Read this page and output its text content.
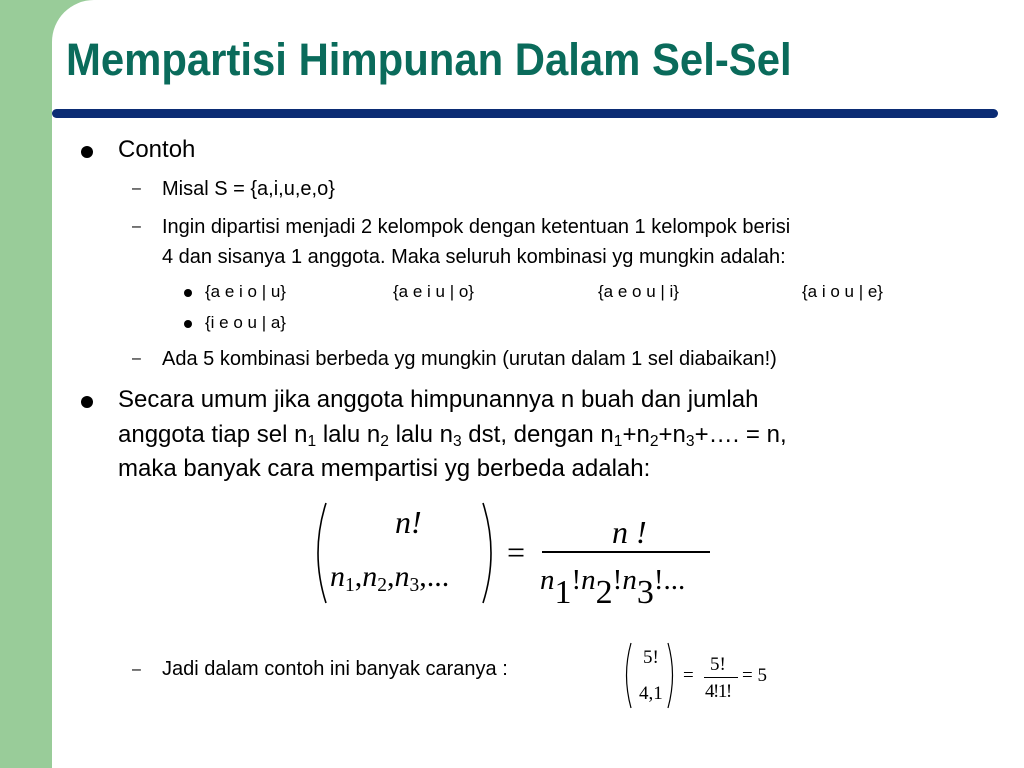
Mempartisi Himpunan Dalam Sel-Sel
Contoh
– Misal S = {a,i,u,e,o}
– Ingin dipartisi menjadi 2 kelompok dengan ketentuan 1 kelompok berisi
4 dan sisanya 1 anggota. Maka seluruh kombinasi yg mungkin adalah:
{a e i o | u}	{a e i u | o}	{a e o u | i}	{a i o u | e}
{i e o u | a}
– Ada 5 kombinasi berbeda yg mungkin (urutan dalam 1 sel diabaikan!)
Secara umum jika anggota himpunannya n buah dan jumlah
anggota tiap sel $n_1$ lalu $n_2$ lalu $n_3$ dst, dengan $n_1+n_2+n_3+\dots$. = n,
maka banyak cara mempartisi yg berbeda adalah:
n!
$n_1,n_2,n_3$,...
=
n !
n1!n2!n3!...
– Jadi dalam contoh ini banyak caranya :
5!
4,1
=
5!
4!1!
= 5
